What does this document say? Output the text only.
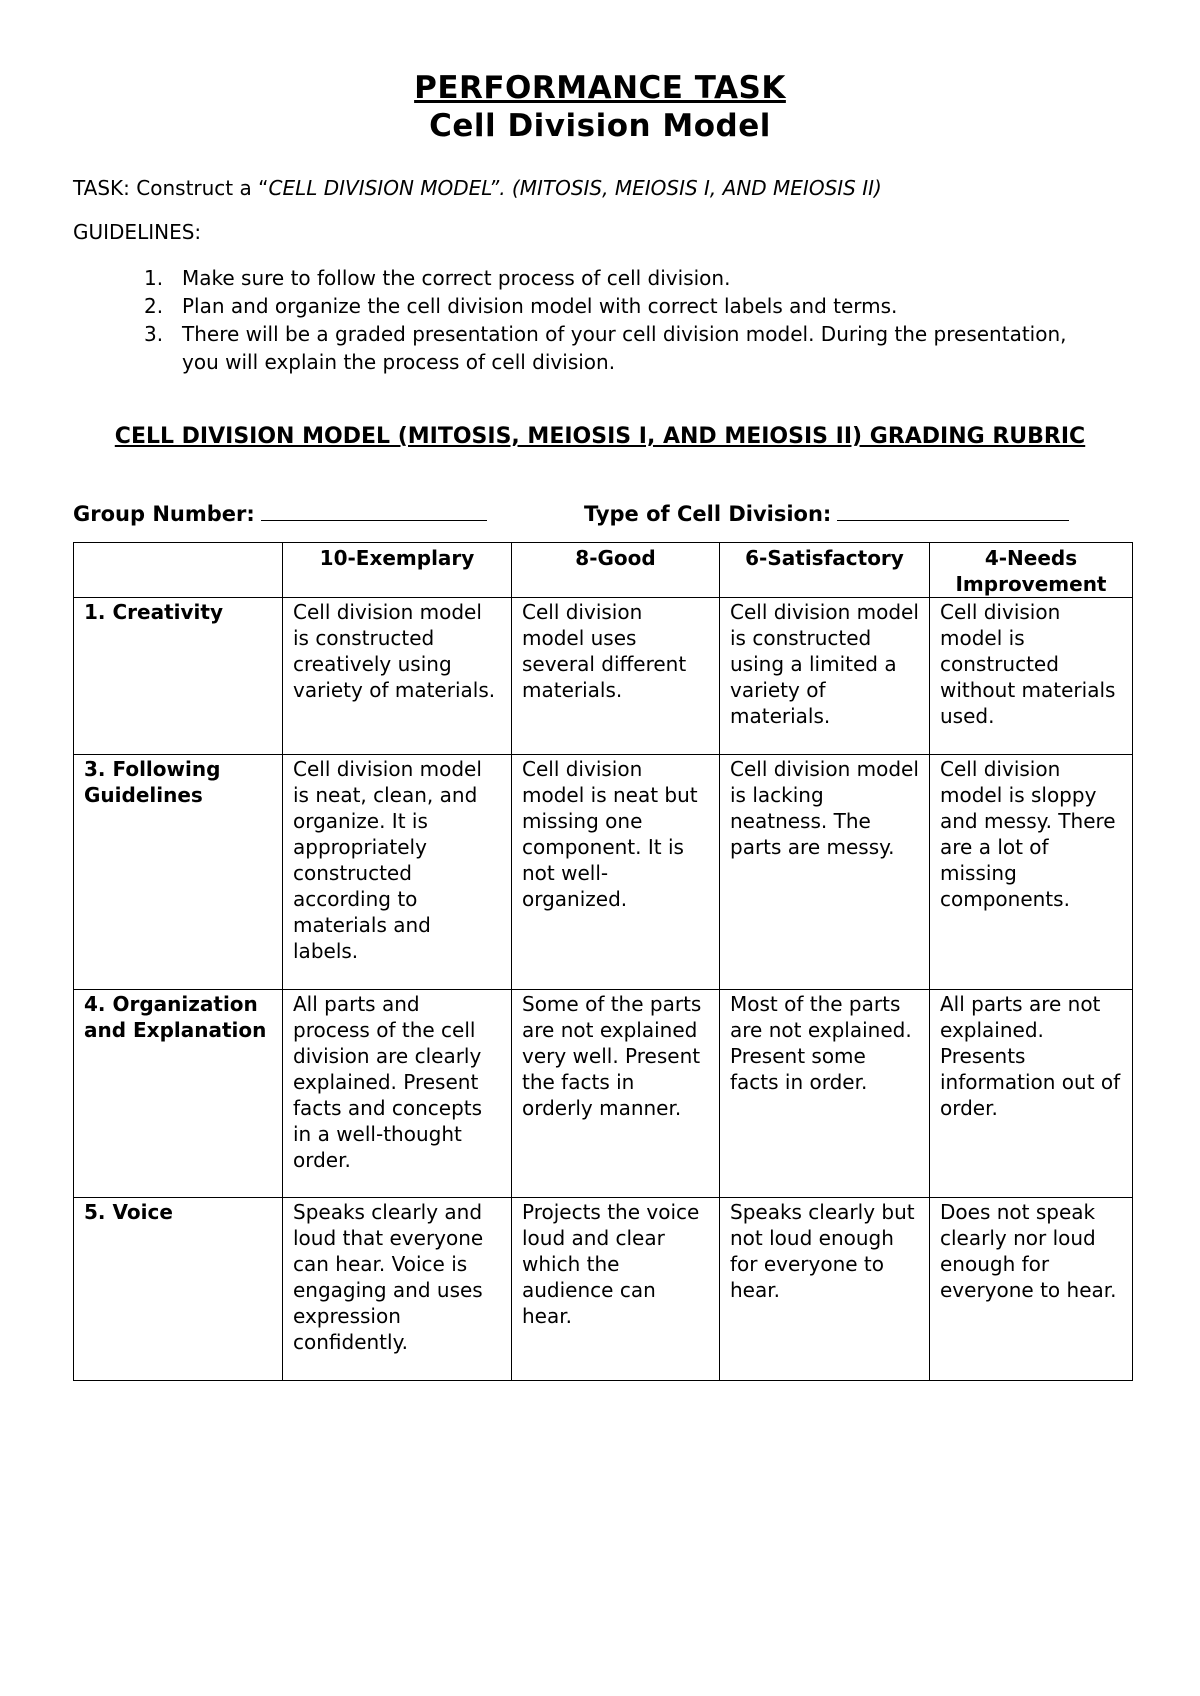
PERFORMANCE TASK
Cell Division Model
TASK: Construct a “CELL DIVISION MODEL”. (MITOSIS, MEIOSIS I, AND MEIOSIS II)
GUIDELINES:
1. Make sure to follow the correct process of cell division.
2. Plan and organize the cell division model with correct labels and terms.
3. There will be a graded presentation of your cell division model. During the presentation, you will explain the process of cell division.
CELL DIVISION MODEL (MITOSIS, MEIOSIS I, AND MEIOSIS II) GRADING RUBRIC
Group Number:	Type of Cell Division:
	10-Exemplary	8-Good	6-Satisfactory	4-Needs Improvement
1. Creativity	Cell division model is constructed creatively using variety of materials.	Cell division model uses several different materials.	Cell division model is constructed using a limited a variety of materials.	Cell division model is constructed without materials used.
3. Following Guidelines	Cell division model is neat, clean, and organize. It is appropriately constructed according to materials and labels.	Cell division model is neat but missing one component. It is not well-organized.	Cell division model is lacking neatness. The parts are messy.	Cell division model is sloppy and messy. There are a lot of missing components.
4. Organization and Explanation	All parts and process of the cell division are clearly explained. Present facts and concepts in a well-thought order.	Some of the parts are not explained very well. Present the facts in orderly manner.	Most of the parts are not explained. Present some facts in order.	All parts are not explained. Presents information out of order.
5. Voice	Speaks clearly and loud that everyone can hear. Voice is engaging and uses expression confidently.	Projects the voice loud and clear which the audience can hear.	Speaks clearly but not loud enough for everyone to hear.	Does not speak clearly nor loud enough for everyone to hear.
